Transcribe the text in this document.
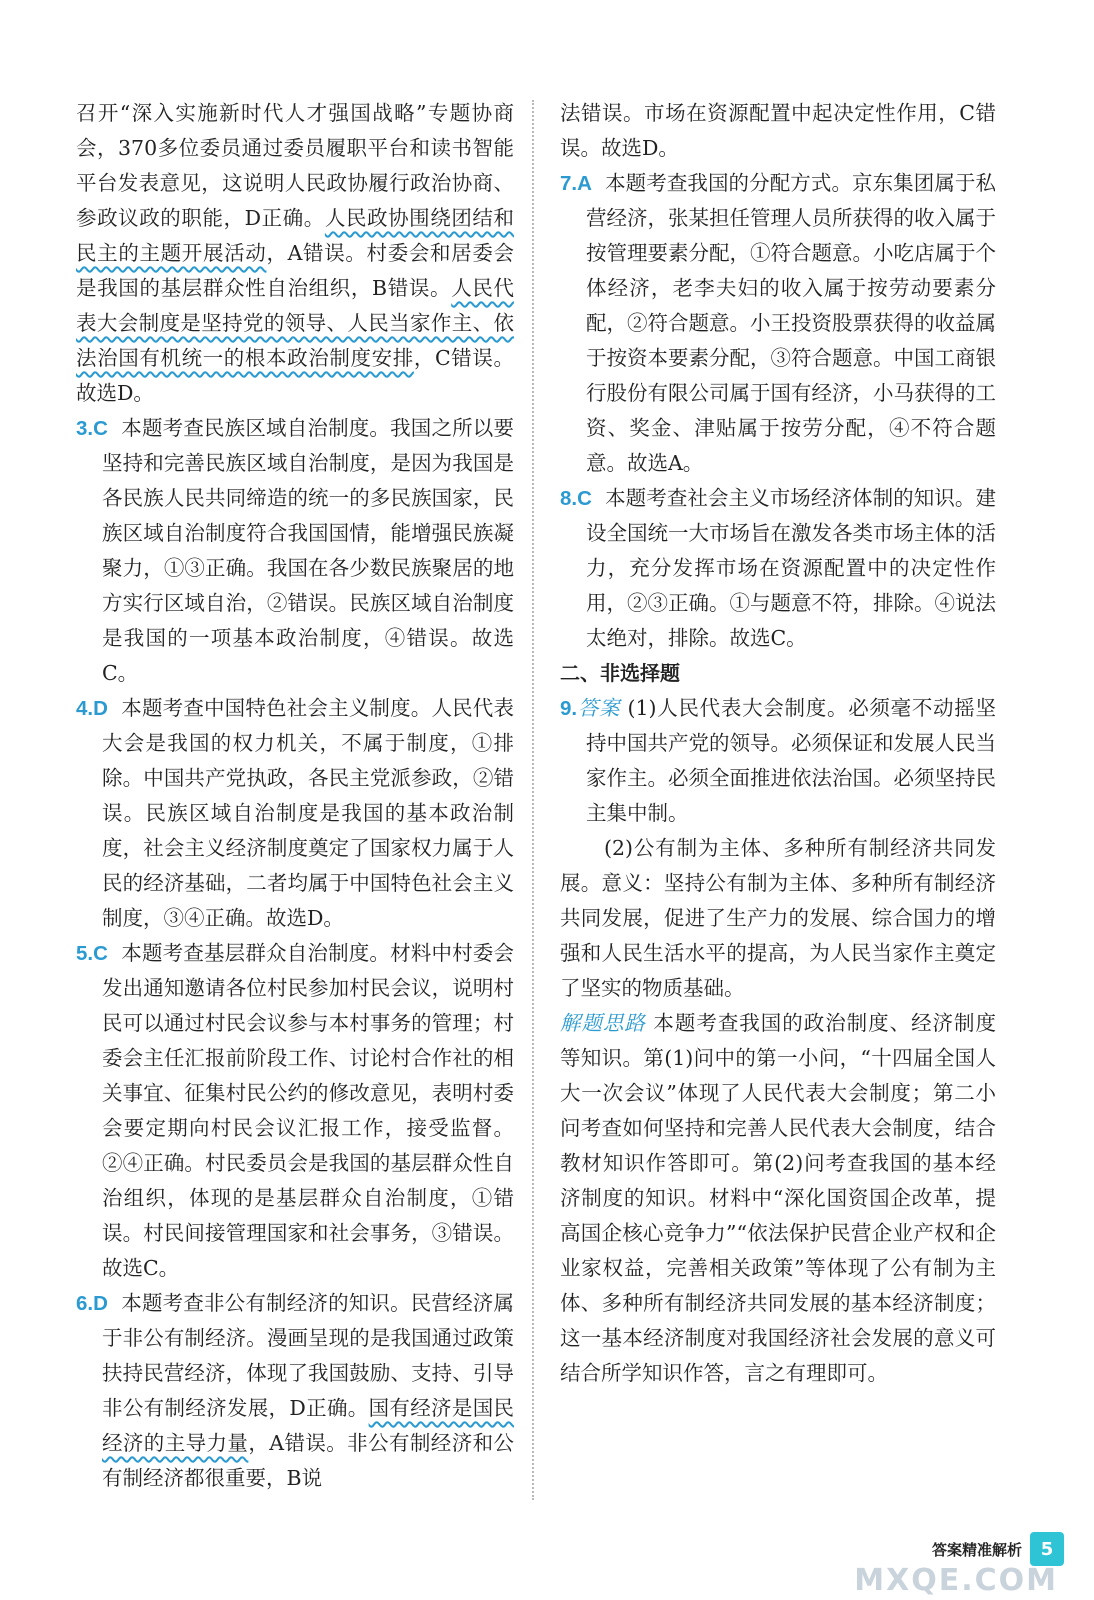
召开“深入实施新时代人才强国战略”专题协商会，370多位委员通过委员履职平台和读书智能平台发表意见，这说明人民政协履行政治协商、参政议政的职能，D正确。人民政协围绕团结和民主的主题开展活动，A错误。村委会和居委会是我国的基层群众性自治组织，B错误。人民代表大会制度是坚持党的领导、人民当家作主、依法治国有机统一的根本政治制度安排，C错误。故选D。

3.C 本题考查民族区域自治制度。我国之所以要坚持和完善民族区域自治制度，是因为我国是各民族人民共同缔造的统一的多民族国家，民族区域自治制度符合我国国情，能增强民族凝聚力，①③正确。我国在各少数民族聚居的地方实行区域自治，②错误。民族区域自治制度是我国的一项基本政治制度，④错误。故选C。

4.D 本题考查中国特色社会主义制度。人民代表大会是我国的权力机关，不属于制度，①排除。中国共产党执政，各民主党派参政，②错误。民族区域自治制度是我国的基本政治制度，社会主义经济制度奠定了国家权力属于人民的经济基础，二者均属于中国特色社会主义制度，③④正确。故选D。

5.C 本题考查基层群众自治制度。材料中村委会发出通知邀请各位村民参加村民会议，说明村民可以通过村民会议参与本村事务的管理；村委会主任汇报前阶段工作、讨论村合作社的相关事宜、征集村民公约的修改意见，表明村委会要定期向村民会议汇报工作，接受监督。②④正确。村民委员会是我国的基层群众性自治组织，体现的是基层群众自治制度，①错误。村民间接管理国家和社会事务，③错误。故选C。

6.D 本题考查非公有制经济的知识。民营经济属于非公有制经济。漫画呈现的是我国通过政策扶持民营经济，体现了我国鼓励、支持、引导非公有制经济发展，D正确。国有经济是国民经济的主导力量，A错误。非公有制经济和公有制经济都很重要，B说

法错误。市场在资源配置中起决定性作用，C错误。故选D。

7.A 本题考查我国的分配方式。京东集团属于私营经济，张某担任管理人员所获得的收入属于按管理要素分配，①符合题意。小吃店属于个体经济，老李夫妇的收入属于按劳动要素分配，②符合题意。小王投资股票获得的收益属于按资本要素分配，③符合题意。中国工商银行股份有限公司属于国有经济，小马获得的工资、奖金、津贴属于按劳分配，④不符合题意。故选A。

8.C 本题考查社会主义市场经济体制的知识。建设全国统一大市场旨在激发各类市场主体的活力，充分发挥市场在资源配置中的决定性作用，②③正确。①与题意不符，排除。④说法太绝对，排除。故选C。

二、非选择题

9.答案 (1)人民代表大会制度。必须毫不动摇坚持中国共产党的领导。必须保证和发展人民当家作主。必须全面推进依法治国。必须坚持民主集中制。

(2)公有制为主体、多种所有制经济共同发展。意义：坚持公有制为主体、多种所有制经济共同发展，促进了生产力的发展、综合国力的增强和人民生活水平的提高，为人民当家作主奠定了坚实的物质基础。

解题思路 本题考查我国的政治制度、经济制度等知识。第(1)问中的第一小问，“十四届全国人大一次会议”体现了人民代表大会制度；第二小问考查如何坚持和完善人民代表大会制度，结合教材知识作答即可。第(2)问考查我国的基本经济制度的知识。材料中“深化国资国企改革，提高国企核心竞争力”“依法保护民营企业产权和企业家权益，完善相关政策”等体现了公有制为主体、多种所有制经济共同发展的基本经济制度；这一基本经济制度对我国经济社会发展的意义可结合所学知识作答，言之有理即可。

答案精准解析	5
MXQE.COM
